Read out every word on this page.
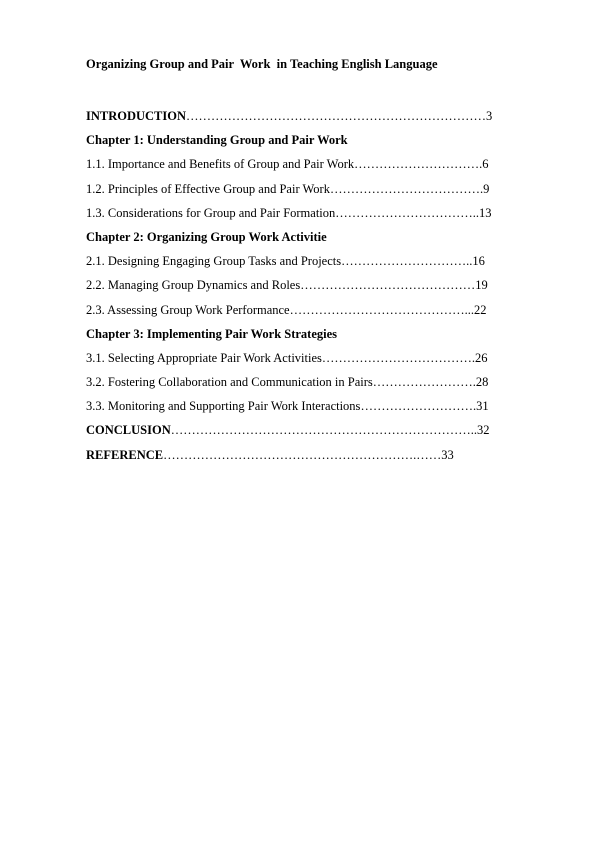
Organizing Group and Pair  Work  in Teaching English Language
INTRODUCTION………………………………………………………………3
Chapter 1: Understanding Group and Pair Work
1.1. Importance and Benefits of Group and Pair Work………………………….6
1.2. Principles of Effective Group and Pair Work……………………………….9
1.3. Considerations for Group and Pair Formation……………………………..13
Chapter 2: Organizing Group Work Activitie
2.1. Designing Engaging Group Tasks and Projects…………………………..16
2.2. Managing Group Dynamics and Roles……………………………………19
2.3. Assessing Group Work Performance……………………………………...22
Chapter 3: Implementing Pair Work Strategies
3.1. Selecting Appropriate Pair Work Activities……………………………….26
3.2. Fostering Collaboration and Communication in Pairs…………………….28
3.3. Monitoring and Supporting Pair Work Interactions……………………….31
CONCLUSION………………………………………………………………..32
REFERENCE…………………………………………………….……33
